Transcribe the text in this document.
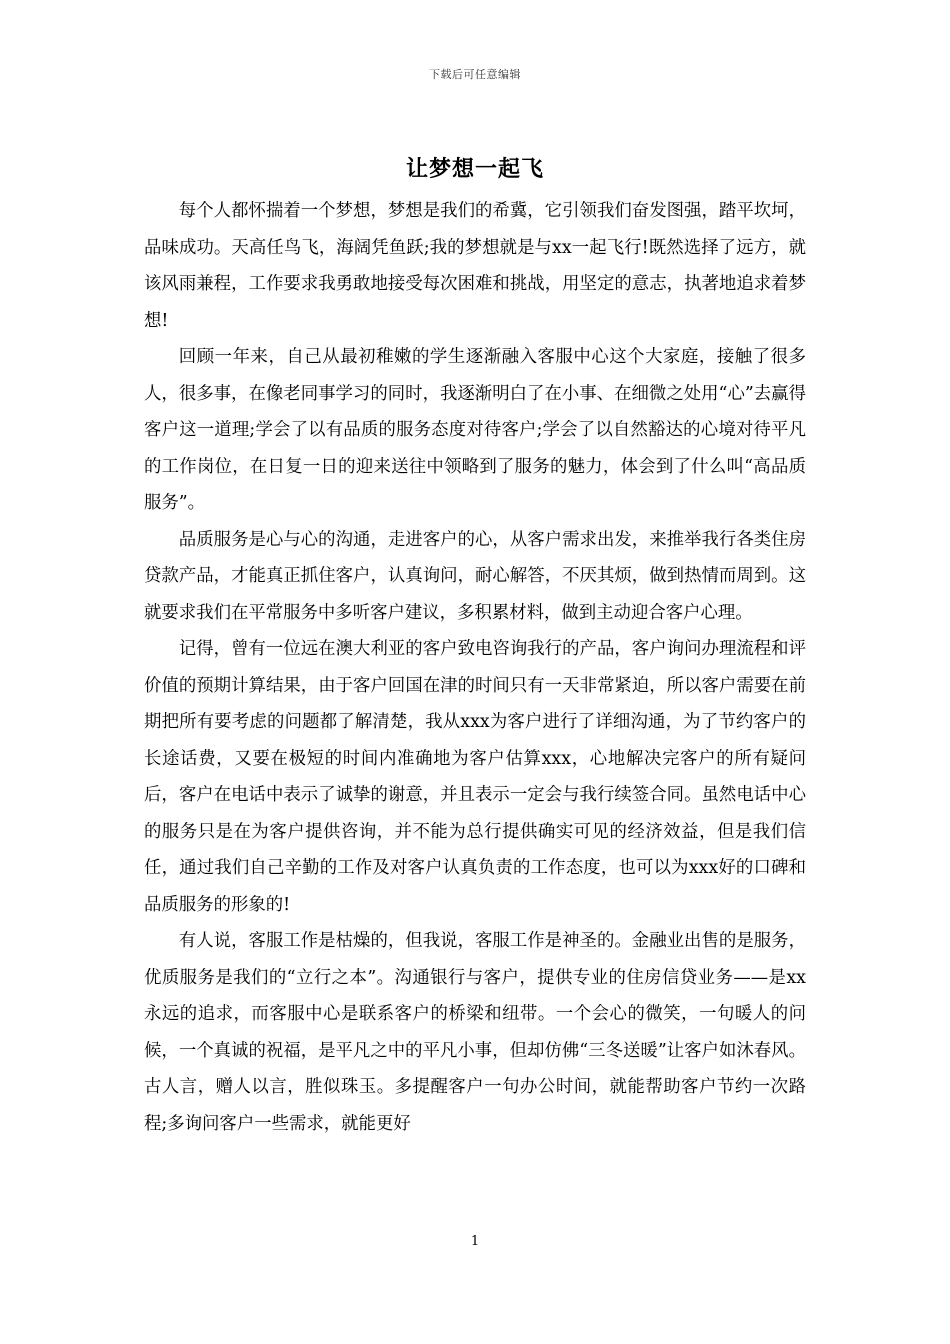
下载后可任意编辑
让梦想一起飞

每个人都怀揣着一个梦想，梦想是我们的希冀，它引领我们奋发图强，踏平坎坷，品味成功。天高任鸟飞，海阔凭鱼跃;我的梦想就是与xx一起飞行!既然选择了远方，就该风雨兼程，工作要求我勇敢地接受每次困难和挑战，用坚定的意志，执著地追求着梦想!

回顾一年来，自己从最初稚嫩的学生逐渐融入客服中心这个大家庭，接触了很多人，很多事，在像老同事学习的同时，我逐渐明白了在小事、在细微之处用“心”去赢得客户这一道理;学会了以有品质的服务态度对待客户;学会了以自然豁达的心境对待平凡的工作岗位，在日复一日的迎来送往中领略到了服务的魅力，体会到了什么叫“高品质服务”。

品质服务是心与心的沟通，走进客户的心，从客户需求出发，来推举我行各类住房贷款产品，才能真正抓住客户，认真询问，耐心解答，不厌其烦，做到热情而周到。这就要求我们在平常服务中多听客户建议，多积累材料，做到主动迎合客户心理。

记得，曾有一位远在澳大利亚的客户致电咨询我行的产品，客户询问办理流程和评价值的预期计算结果，由于客户回国在津的时间只有一天非常紧迫，所以客户需要在前期把所有要考虑的问题都了解清楚，我从xxx为客户进行了详细沟通，为了节约客户的长途话费，又要在极短的时间内准确地为客户估算xxx，心地解决完客户的所有疑问后，客户在电话中表示了诚挚的谢意，并且表示一定会与我行续签合同。虽然电话中心的服务只是在为客户提供咨询，并不能为总行提供确实可见的经济效益，但是我们信任，通过我们自己辛勤的工作及对客户认真负责的工作态度，也可以为xxx好的口碑和品质服务的形象的!

有人说，客服工作是枯燥的，但我说，客服工作是神圣的。金融业出售的是服务，优质服务是我们的“立行之本”。沟通银行与客户，提供专业的住房信贷业务——是xx永远的追求，而客服中心是联系客户的桥梁和纽带。一个会心的微笑，一句暖人的问候，一个真诚的祝福，是平凡之中的平凡小事，但却仿佛“三冬送暖”让客户如沐春风。古人言，赠人以言，胜似珠玉。多提醒客户一句办公时间，就能帮助客户节约一次路程;多询问客户一些需求，就能更好

1
